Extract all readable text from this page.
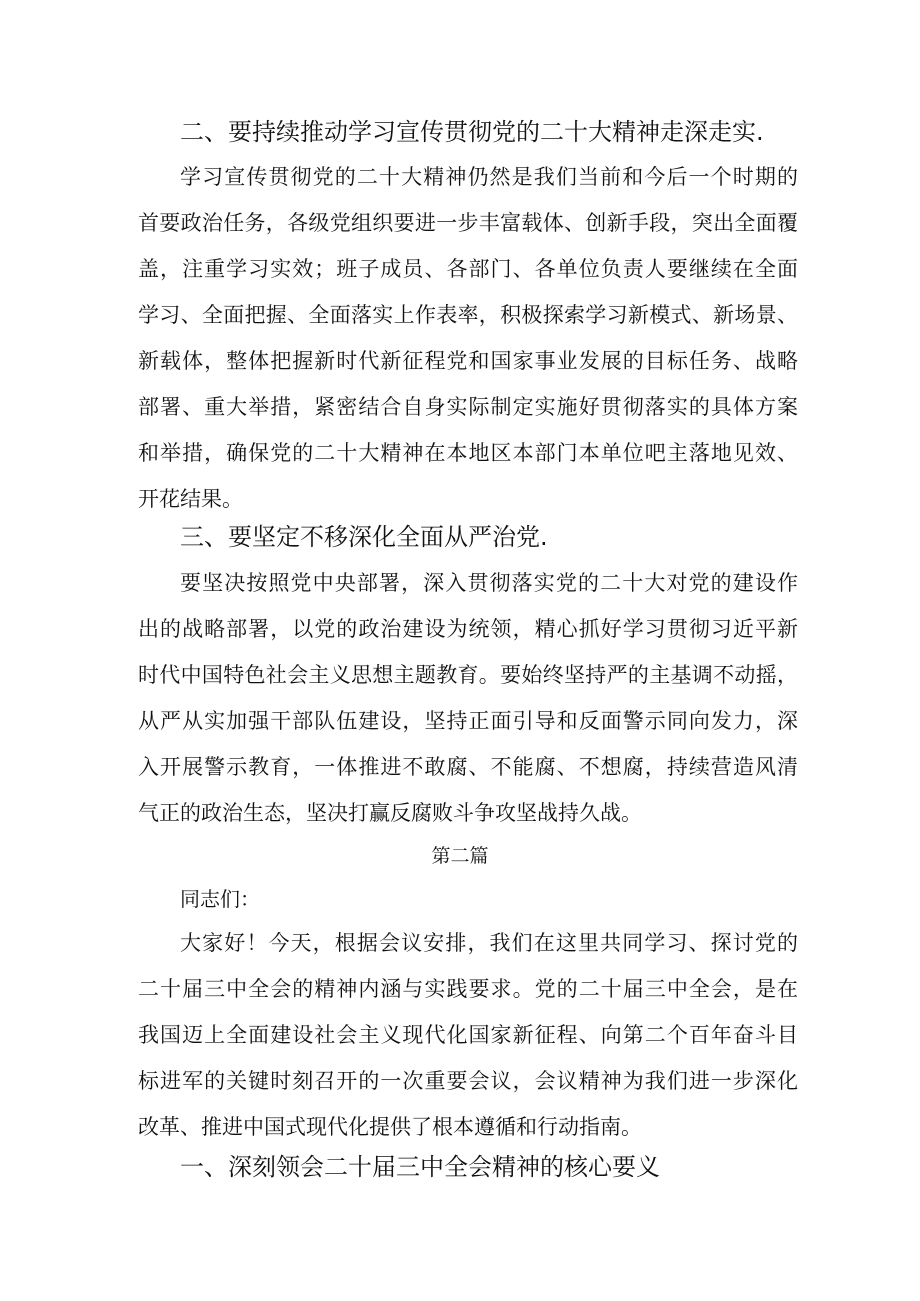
二、要持续推动学习宣传贯彻党的二十大精神走深走实.
学习宣传贯彻党的二十大精神仍然是我们当前和今后一个时期的
首要政治任务，各级党组织要进一步丰富载体、创新手段，突出全面覆
盖，注重学习实效；班子成员、各部门、各单位负责人要继续在全面
学习、全面把握、全面落实上作表率，积极探索学习新模式、新场景、
新载体，整体把握新时代新征程党和国家事业发展的目标任务、战略
部署、重大举措，紧密结合自身实际制定实施好贯彻落实的具体方案
和举措，确保党的二十大精神在本地区本部门本单位吧主落地见效、
开花结果。
三、要坚定不移深化全面从严治党.
要坚决按照党中央部署，深入贯彻落实党的二十大对党的建设作
出的战略部署，以党的政治建设为统领，精心抓好学习贯彻习近平新
时代中国特色社会主义思想主题教育。要始终坚持严的主基调不动摇，
从严从实加强干部队伍建设，坚持正面引导和反面警示同向发力，深
入开展警示教育，一体推进不敢腐、不能腐、不想腐，持续营造风清
气正的政治生态，坚决打赢反腐败斗争攻坚战持久战。
第二篇
同志们：
大家好！今天，根据会议安排，我们在这里共同学习、探讨党的
二十届三中全会的精神内涵与实践要求。党的二十届三中全会，是在
我国迈上全面建设社会主义现代化国家新征程、向第二个百年奋斗目
标进军的关键时刻召开的一次重要会议，会议精神为我们进一步深化
改革、推进中国式现代化提供了根本遵循和行动指南。
一、深刻领会二十届三中全会精神的核心要义
